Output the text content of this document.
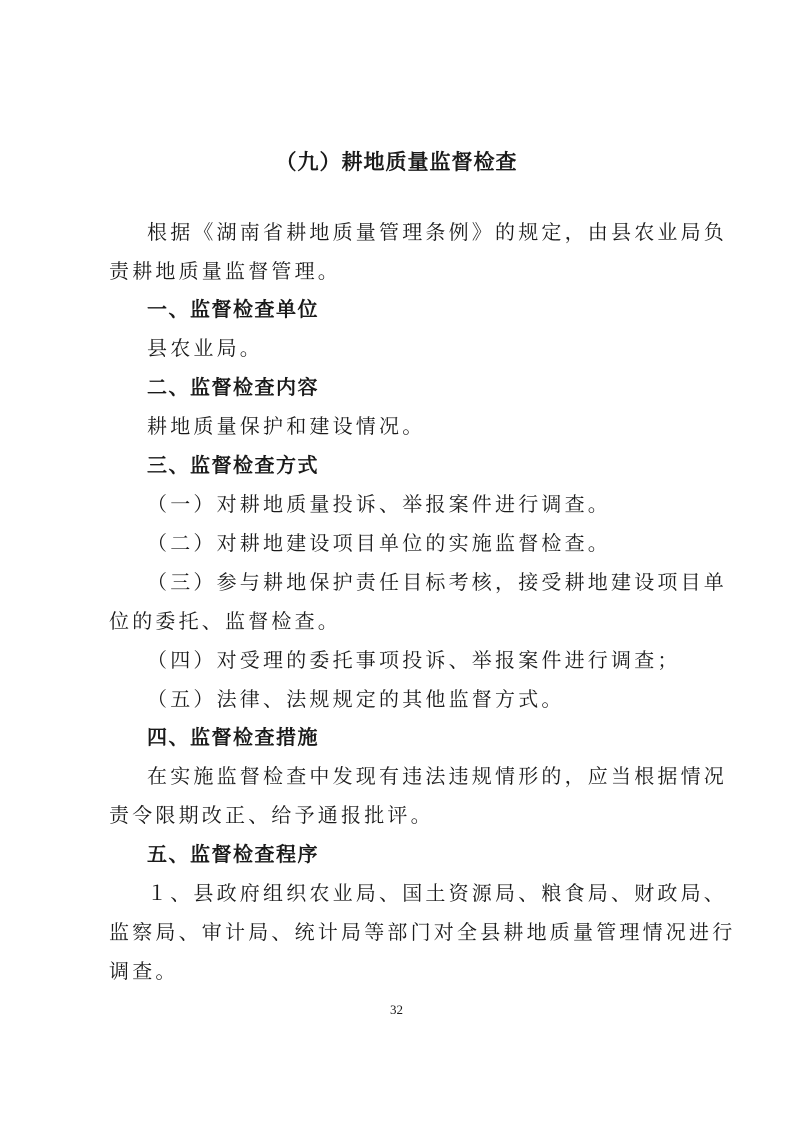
（九）耕地质量监督检查

根据《湖南省耕地质量管理条例》的规定，由县农业局负

责耕地质量监督管理。

一、监督检查单位

县农业局。

二、监督检查内容

耕地质量保护和建设情况。

三、监督检查方式

（一）对耕地质量投诉、举报案件进行调查。

（二）对耕地建设项目单位的实施监督检查。

（三）参与耕地保护责任目标考核，接受耕地建设项目单

位的委托、监督检查。

（四）对受理的委托事项投诉、举报案件进行调查；

（五）法律、法规规定的其他监督方式。

四、监督检查措施

在实施监督检查中发现有违法违规情形的，应当根据情况

责令限期改正、给予通报批评。

五、监督检查程序

１、县政府组织农业局、国土资源局、粮食局、财政局、

监察局、审计局、统计局等部门对全县耕地质量管理情况进行

调查。

32
